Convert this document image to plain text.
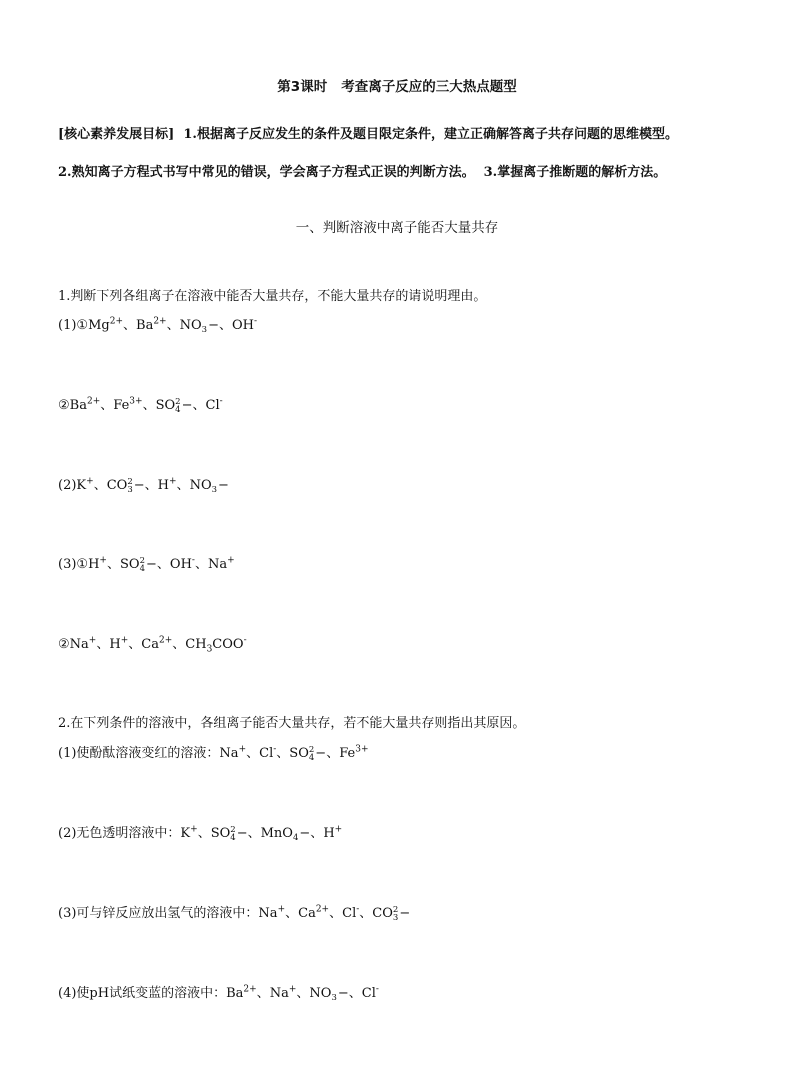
第3课时 考查离子反应的三大热点题型
[核心素养发展目标] 1.根据离子反应发生的条件及题目限定条件，建立正确解答离子共存问题的思维模型。
2.熟知离子方程式书写中常见的错误，学会离子方程式正误的判断方法。 3.掌握离子推断题的解析方法。
一、判断溶液中离子能否大量共存
1.判断下列各组离子在溶液中能否大量共存，不能大量共存的请说明理由。
$(1)①Mg^{2+}$、$Ba^{2+}$、NO
3 −、OH-
$②Ba^{2+}$、$Fe^{3+}$、SO 2
4 −、Cl-
(2)K+、CO 2
3 −、H+、NO
3 −
(3)①H+、SO 2
4 −、OH-、Na+
②Na+、H+、$Ca^{2+}$、$CH_3COO^-$
2.在下列条件的溶液中，各组离子能否大量共存，若不能大量共存则指出其原因。
(1)使酚酞溶液变红的溶液：Na+、Cl-、SO 2
4 −、$Fe^{3+}$
(2)无色透明溶液中：K+、SO 2
4 −、MnO
4 −、H+
(3)可与锌反应放出氢气的溶液中：Na+、$Ca^{2+}$、Cl-、CO 2
3 −
(4)使pH试纸变蓝的溶液中：$Ba^{2+}$、Na+、NO
3 −、Cl-
